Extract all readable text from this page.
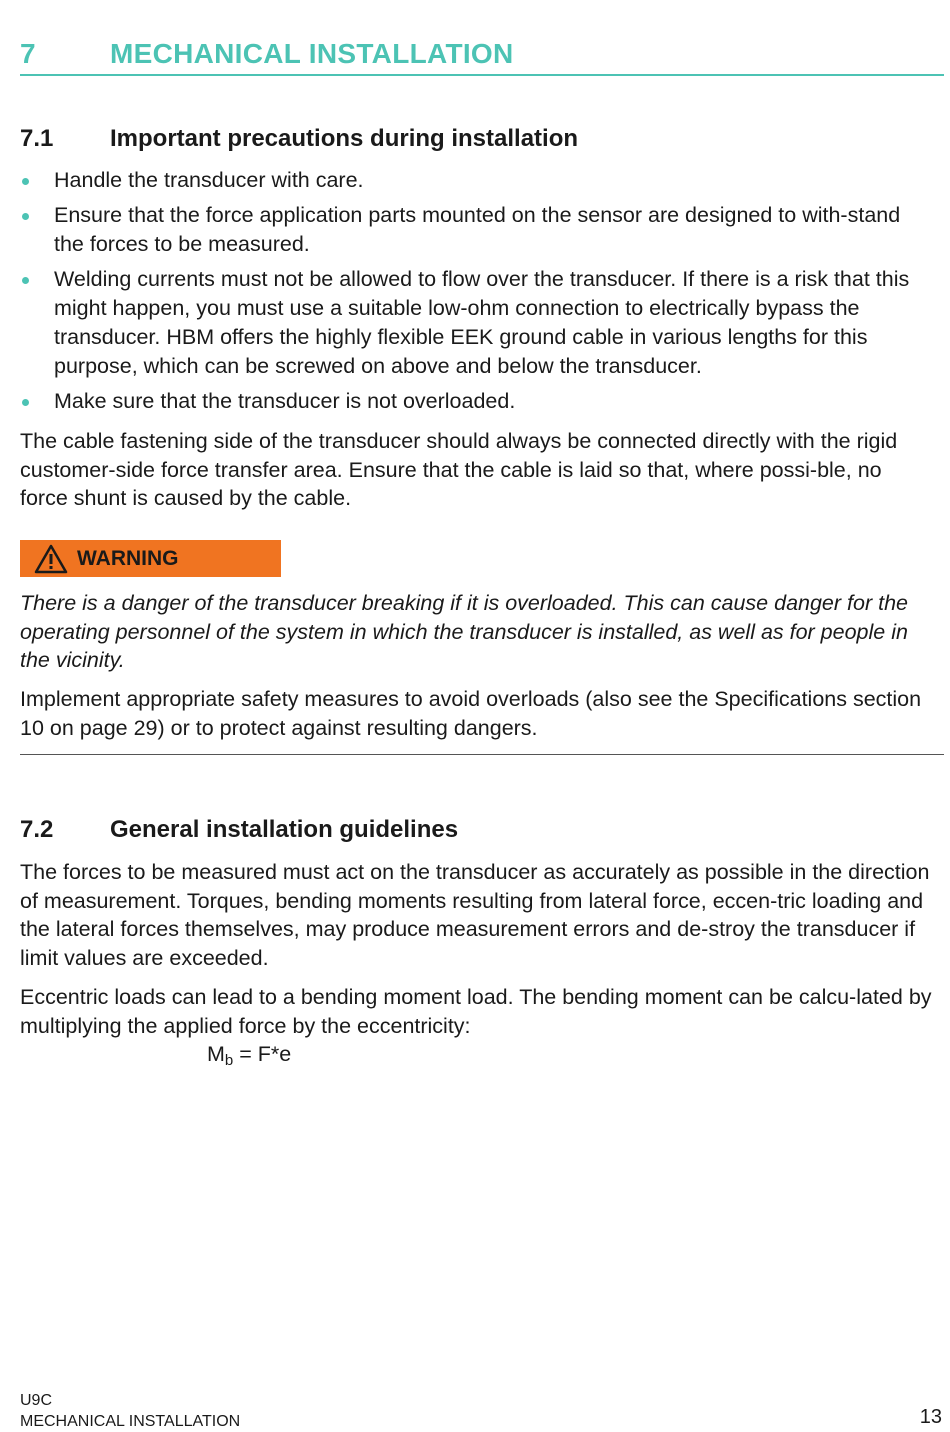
7	MECHANICAL INSTALLATION
7.1 Important precautions during installation
Handle the transducer with care.
Ensure that the force application parts mounted on the sensor are designed to with-stand the forces to be measured.
Welding currents must not be allowed to flow over the transducer. If there is a risk that this might happen, you must use a suitable low-ohm connection to electrically bypass the transducer. HBM offers the highly flexible EEK ground cable in various lengths for this purpose, which can be screwed on above and below the transducer.
Make sure that the transducer is not overloaded.

The cable fastening side of the transducer should always be connected directly with the rigid customer-side force transfer area. Ensure that the cable is laid so that, where possi-ble, no force shunt is caused by the cable.

WARNING

There is a danger of the transducer breaking if it is overloaded. This can cause danger for the operating personnel of the system in which the transducer is installed, as well as for people in the vicinity.

Implement appropriate safety measures to avoid overloads (also see the Specifications section 10 on page 29) or to protect against resulting dangers.

7.2 General installation guidelines

The forces to be measured must act on the transducer as accurately as possible in the direction of measurement. Torques, bending moments resulting from lateral force, eccen-tric loading and the lateral forces themselves, may produce measurement errors and de-stroy the transducer if limit values are exceeded.

Eccentric loads can lead to a bending moment load. The bending moment can be calcu-lated by multiplying the applied force by the eccentricity:

$M_b = F*e$
U9C
MECHANICAL INSTALLATION	13
